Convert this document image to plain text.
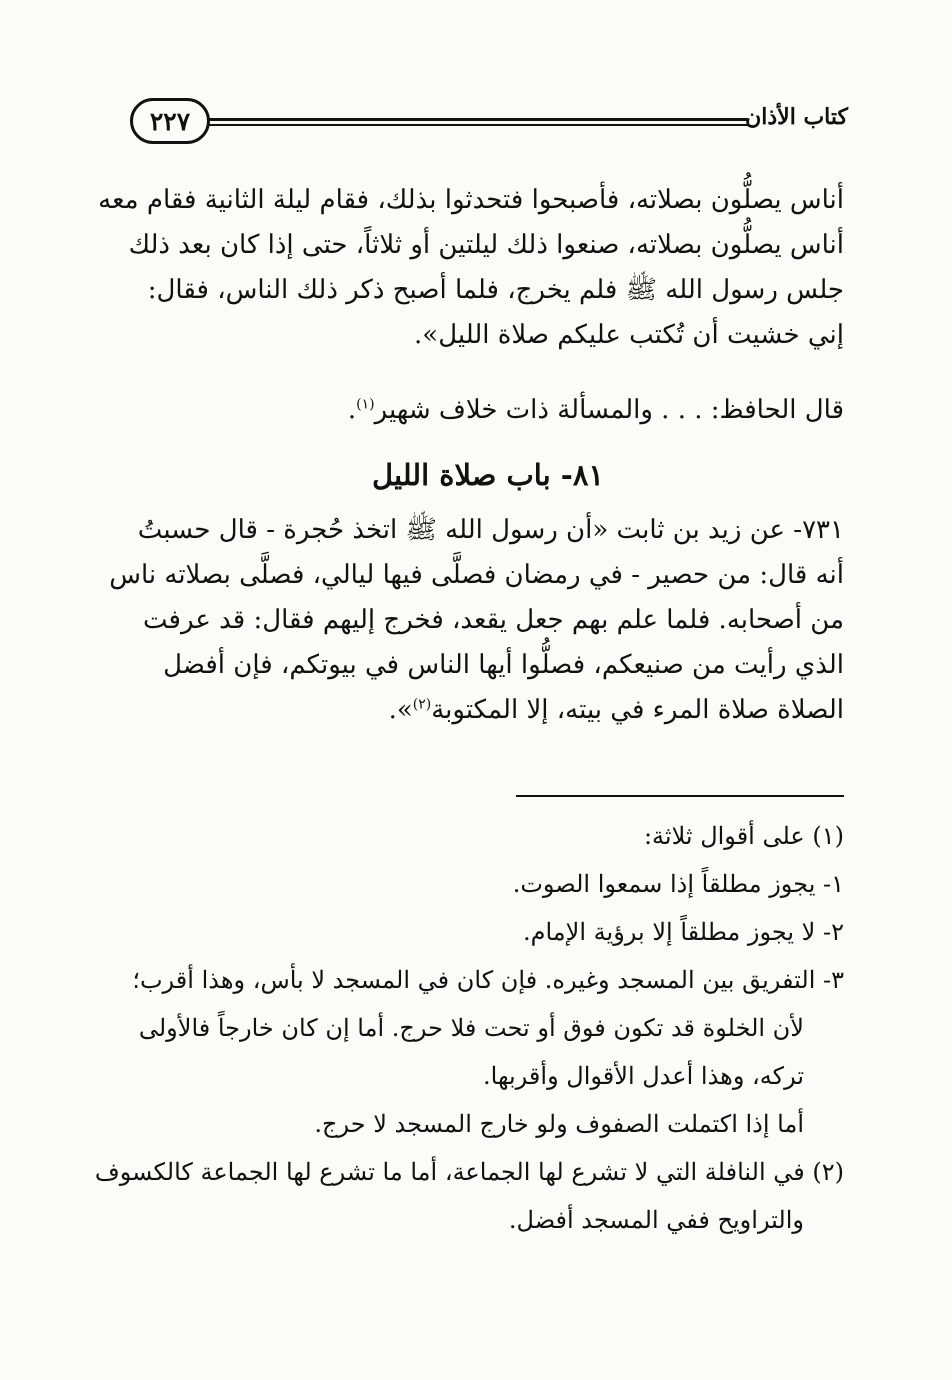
٢٢٧	كتاب الأذان
أناس يصلُّون بصلاته، فأصبحوا فتحدثوا بذلك، فقام ليلة الثانية فقام معه
أناس يصلُّون بصلاته، صنعوا ذلك ليلتين أو ثلاثاً، حتى إذا كان بعد ذلك
جلس رسول الله ﷺ فلم يخرج، فلما أصبح ذكر ذلك الناس، فقال:
إني خشيت أن تُكتب عليكم صلاة الليل».
قال الحافظ: . . . والمسألة ذات خلاف شهير$^{(١)}$.
٨١- باب صلاة الليل
٧٣١- عن زيد بن ثابت «أن رسول الله ﷺ اتخذ حُجرة - قال حسبتُ
أنه قال: من حصير - في رمضان فصلَّى فيها ليالي، فصلَّى بصلاته ناس
من أصحابه. فلما علم بهم جعل يقعد، فخرج إليهم فقال: قد عرفت
الذي رأيت من صنيعكم، فصلُّوا أيها الناس في بيوتكم، فإن أفضل
الصلاة صلاة المرء في بيته، إلا المكتوبة$^{(٢)}$».
(١) على أقوال ثلاثة:
١- يجوز مطلقاً إذا سمعوا الصوت.
٢- لا يجوز مطلقاً إلا برؤية الإمام.
٣- التفريق بين المسجد وغيره. فإن كان في المسجد لا بأس، وهذا أقرب؛
لأن الخلوة قد تكون فوق أو تحت فلا حرج. أما إن كان خارجاً فالأولى
تركه، وهذا أعدل الأقوال وأقربها.
أما إذا اكتملت الصفوف ولو خارج المسجد لا حرج.
(٢) في النافلة التي لا تشرع لها الجماعة، أما ما تشرع لها الجماعة كالكسوف
والتراويح ففي المسجد أفضل.
